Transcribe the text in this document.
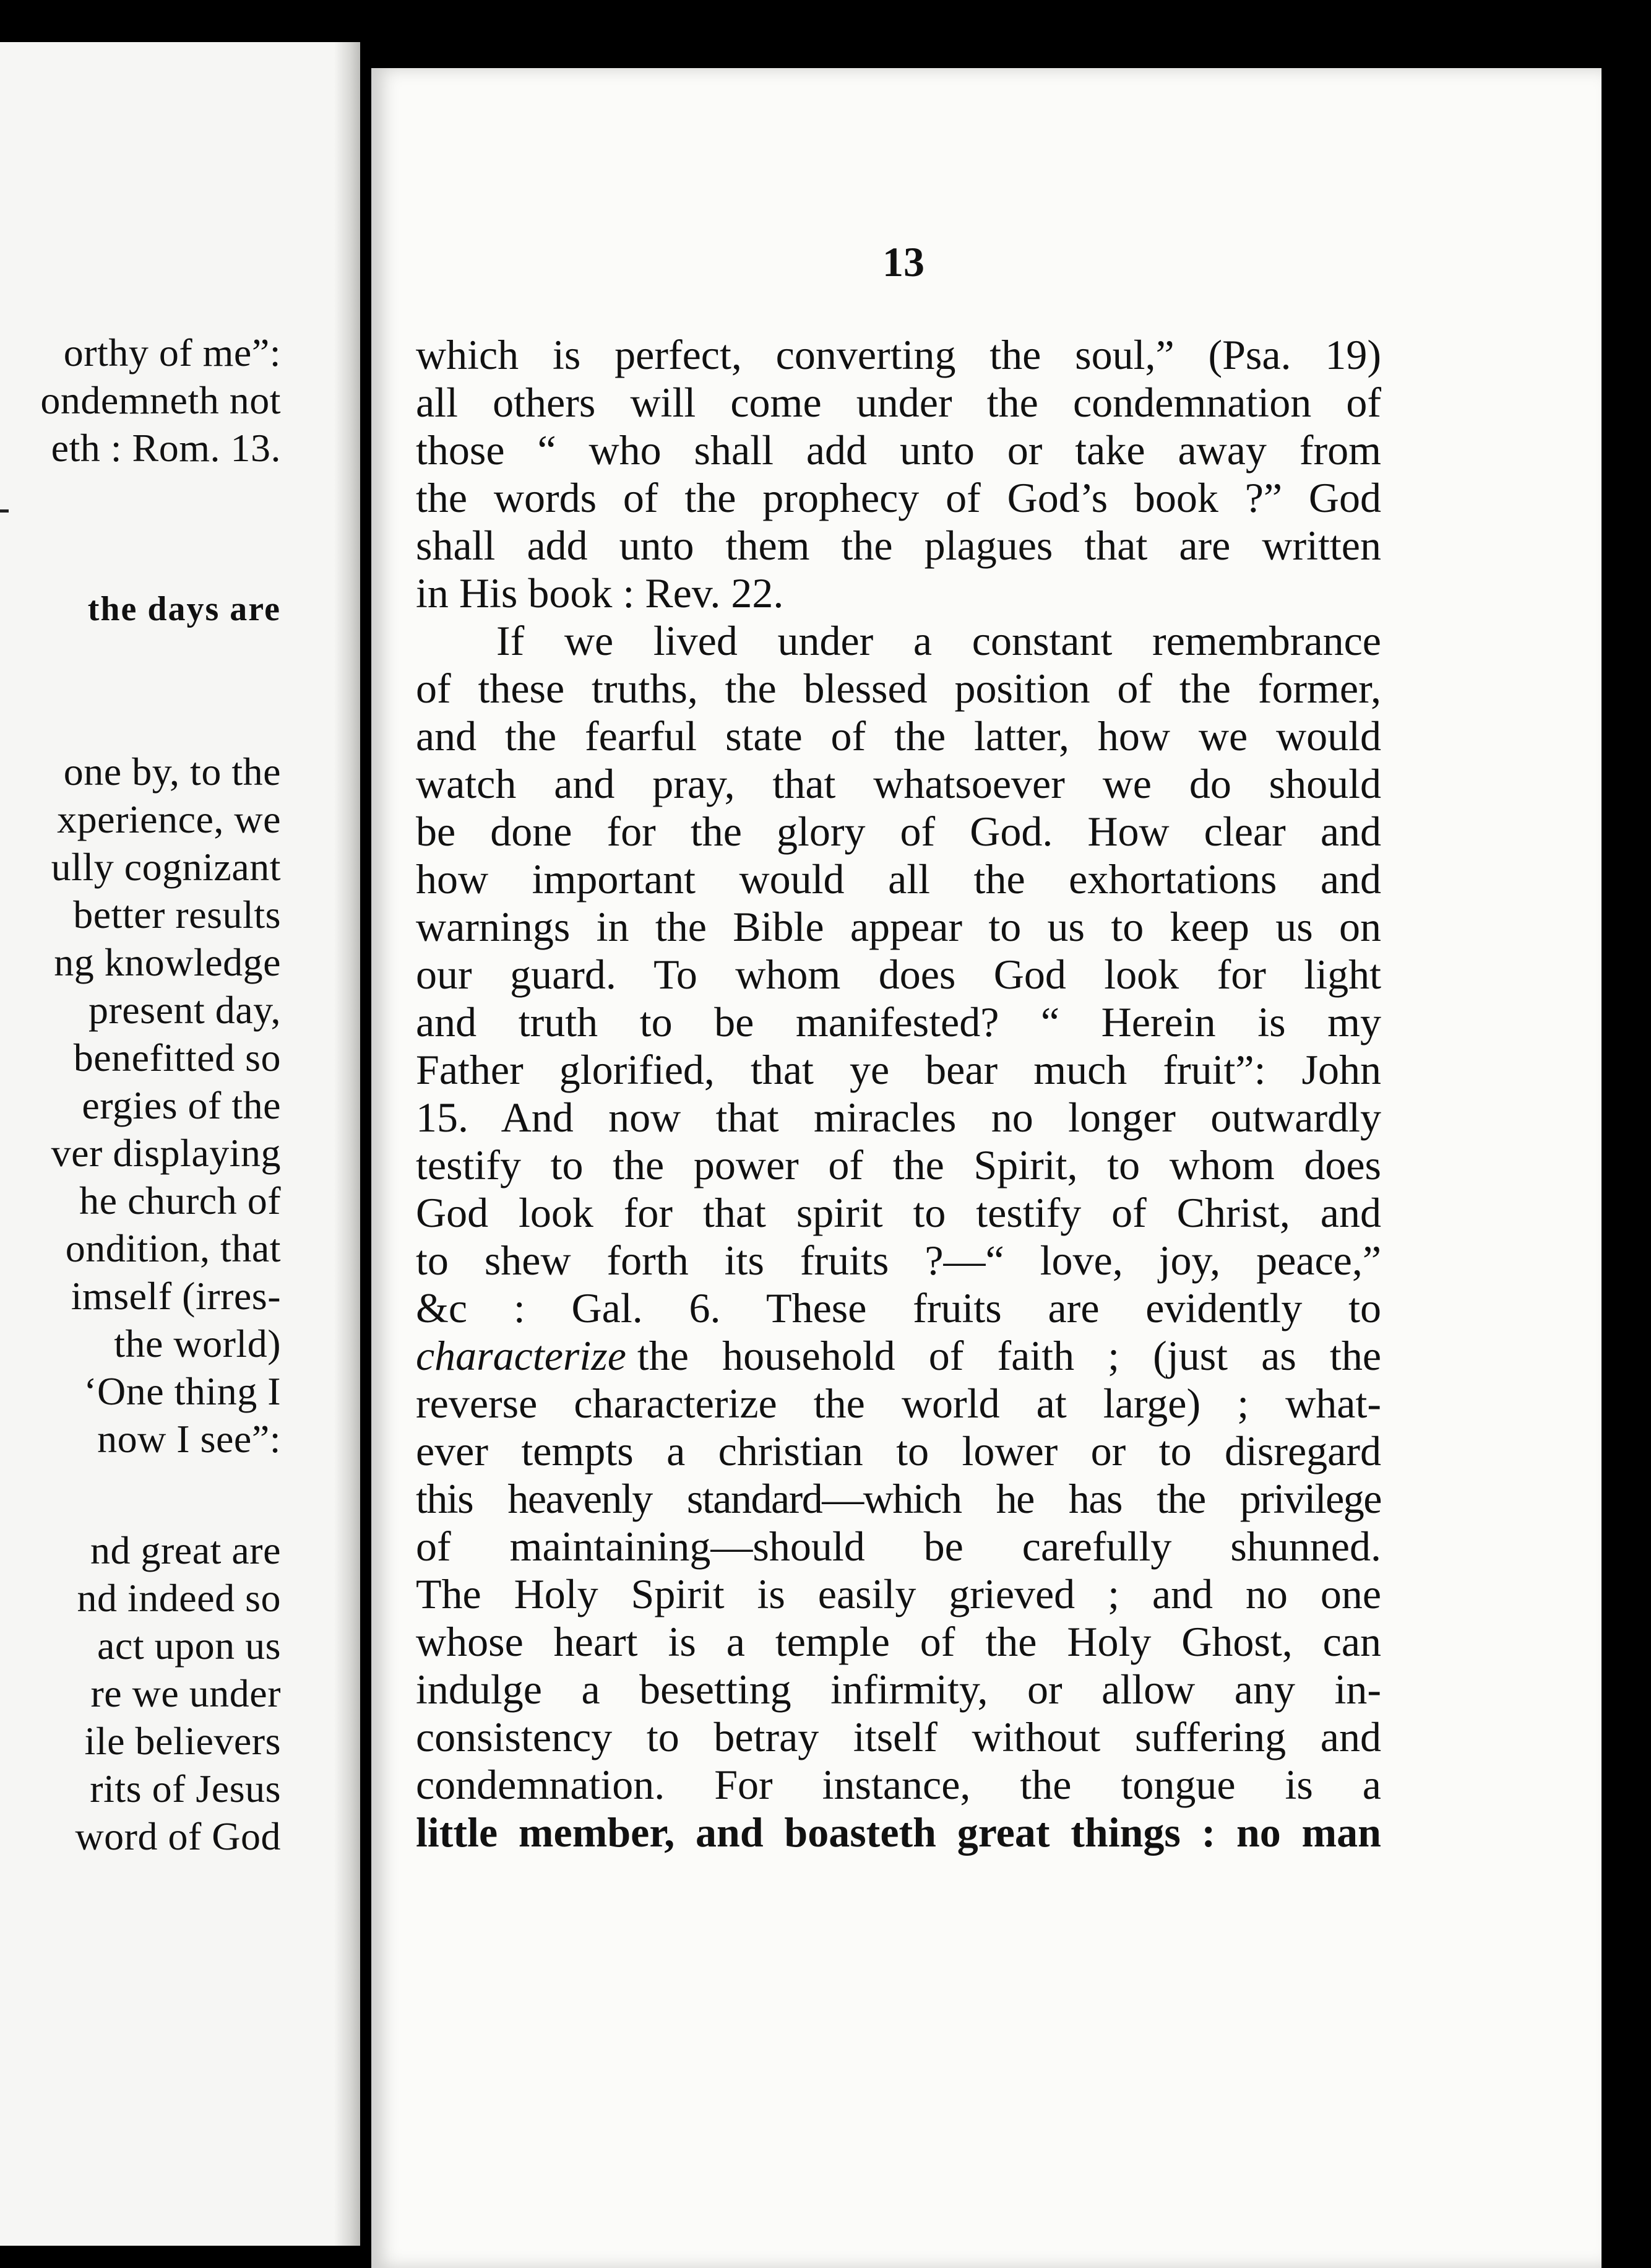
orthy of me”:
ondemneth not
eth : Rom. 13.
the days are
one by, to the
xperience, we
ully cognizant
better results
ng knowledge
present day,
benefitted so
ergies of the
ver displaying
he church of
ondition, that
imself (irres-
the world)
‘One thing I
now I see”:
nd great are
nd indeed so
act upon us
re we under
ile believers
rits of Jesus
word of God
13
which is perfect, converting the soul,” (Psa. 19)
all others will come under the condemnation of
those “ who shall add unto or take away from
the words of the prophecy of God’s book ?” God
shall add unto them the plagues that are written
in His book : Rev. 22.
If we lived under a constant remembrance
of these truths, the blessed position of the former,
and the fearful state of the latter, how we would
watch and pray, that whatsoever we do should
be done for the glory of God. How clear and
how important would all the exhortations and
warnings in the Bible appear to us to keep us on
our guard. To whom does God look for light
and truth to be manifested? “ Herein is my
Father glorified, that ye bear much fruit”: John
15. And now that miracles no longer outwardly
testify to the power of the Spirit, to whom does
God look for that spirit to testify of Christ, and
to shew forth its fruits ?—“ love, joy, peace,”
&c : Gal. 6. These fruits are evidently to
characterize the household of faith ; (just as the
reverse characterize the world at large) ; what-
ever tempts a christian to lower or to disregard
this heavenly standard—which he has the privilege
of maintaining—should be carefully shunned.
The Holy Spirit is easily grieved ; and no one
whose heart is a temple of the Holy Ghost, can
indulge a besetting infirmity, or allow any in-
consistency to betray itself without suffering and
condemnation. For instance, the tongue is a
little member, and boasteth great things : no man
